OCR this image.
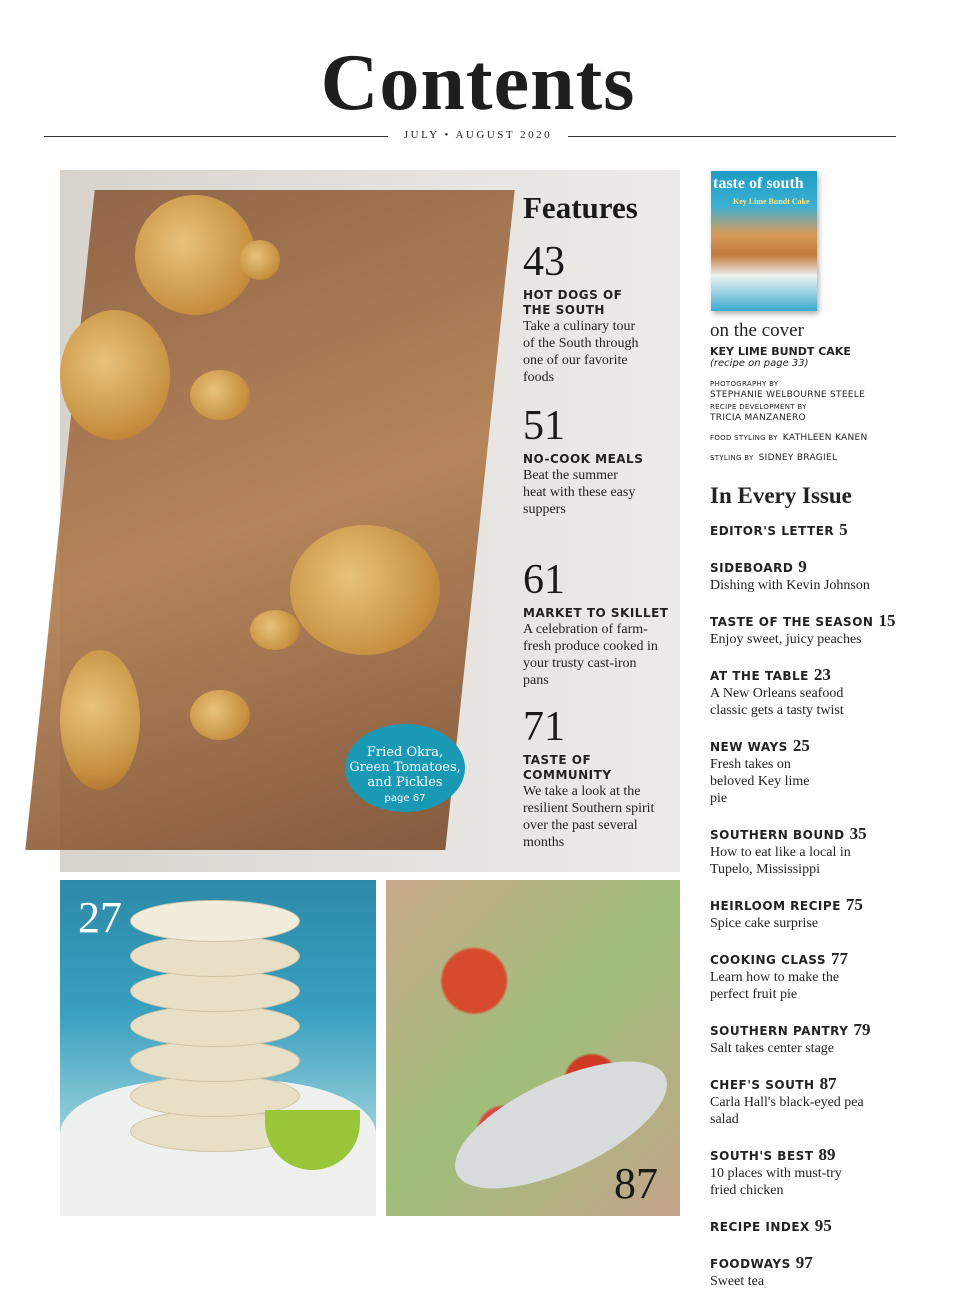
Contents
JULY • AUGUST 2020
Fried Okra, Green Tomatoes, and Pickles
page 67
Features
43
HOT DOGS OF
THE SOUTH
Take a culinary tour of the South through one of our favorite foods
51
NO-COOK MEALS
Beat the summer heat with these easy suppers
61
MARKET TO SKILLET
A celebration of farm-fresh produce cooked in your trusty cast-iron pans
71
TASTE OF
COMMUNITY
We take a look at the resilient Southern spirit over the past several months
27
87
taste of south
Key Lime Bundt Cake
on the cover
KEY LIME BUNDT CAKE
(recipe on page 33)
PHOTOGRAPHY BY
STEPHANIE WELBOURNE STEELE
RECIPE DEVELOPMENT BY
TRICIA MANZANERO
FOOD STYLING BY KATHLEEN KANEN
STYLING BY SIDNEY BRAGIEL
In Every Issue
EDITOR'S LETTER 5
SIDEBOARD 9
Dishing with Kevin Johnson
TASTE OF THE SEASON 15
Enjoy sweet, juicy peaches
AT THE TABLE 23
A New Orleans seafood classic gets a tasty twist
NEW WAYS 25
Fresh takes on beloved Key lime pie
SOUTHERN BOUND 35
How to eat like a local in Tupelo, Mississippi
HEIRLOOM RECIPE 75
Spice cake surprise
COOKING CLASS 77
Learn how to make the perfect fruit pie
SOUTHERN PANTRY 79
Salt takes center stage
CHEF'S SOUTH 87
Carla Hall's black-eyed pea salad
SOUTH'S BEST 89
10 places with must-try fried chicken
RECIPE INDEX 95
FOODWAYS 97
Sweet tea
